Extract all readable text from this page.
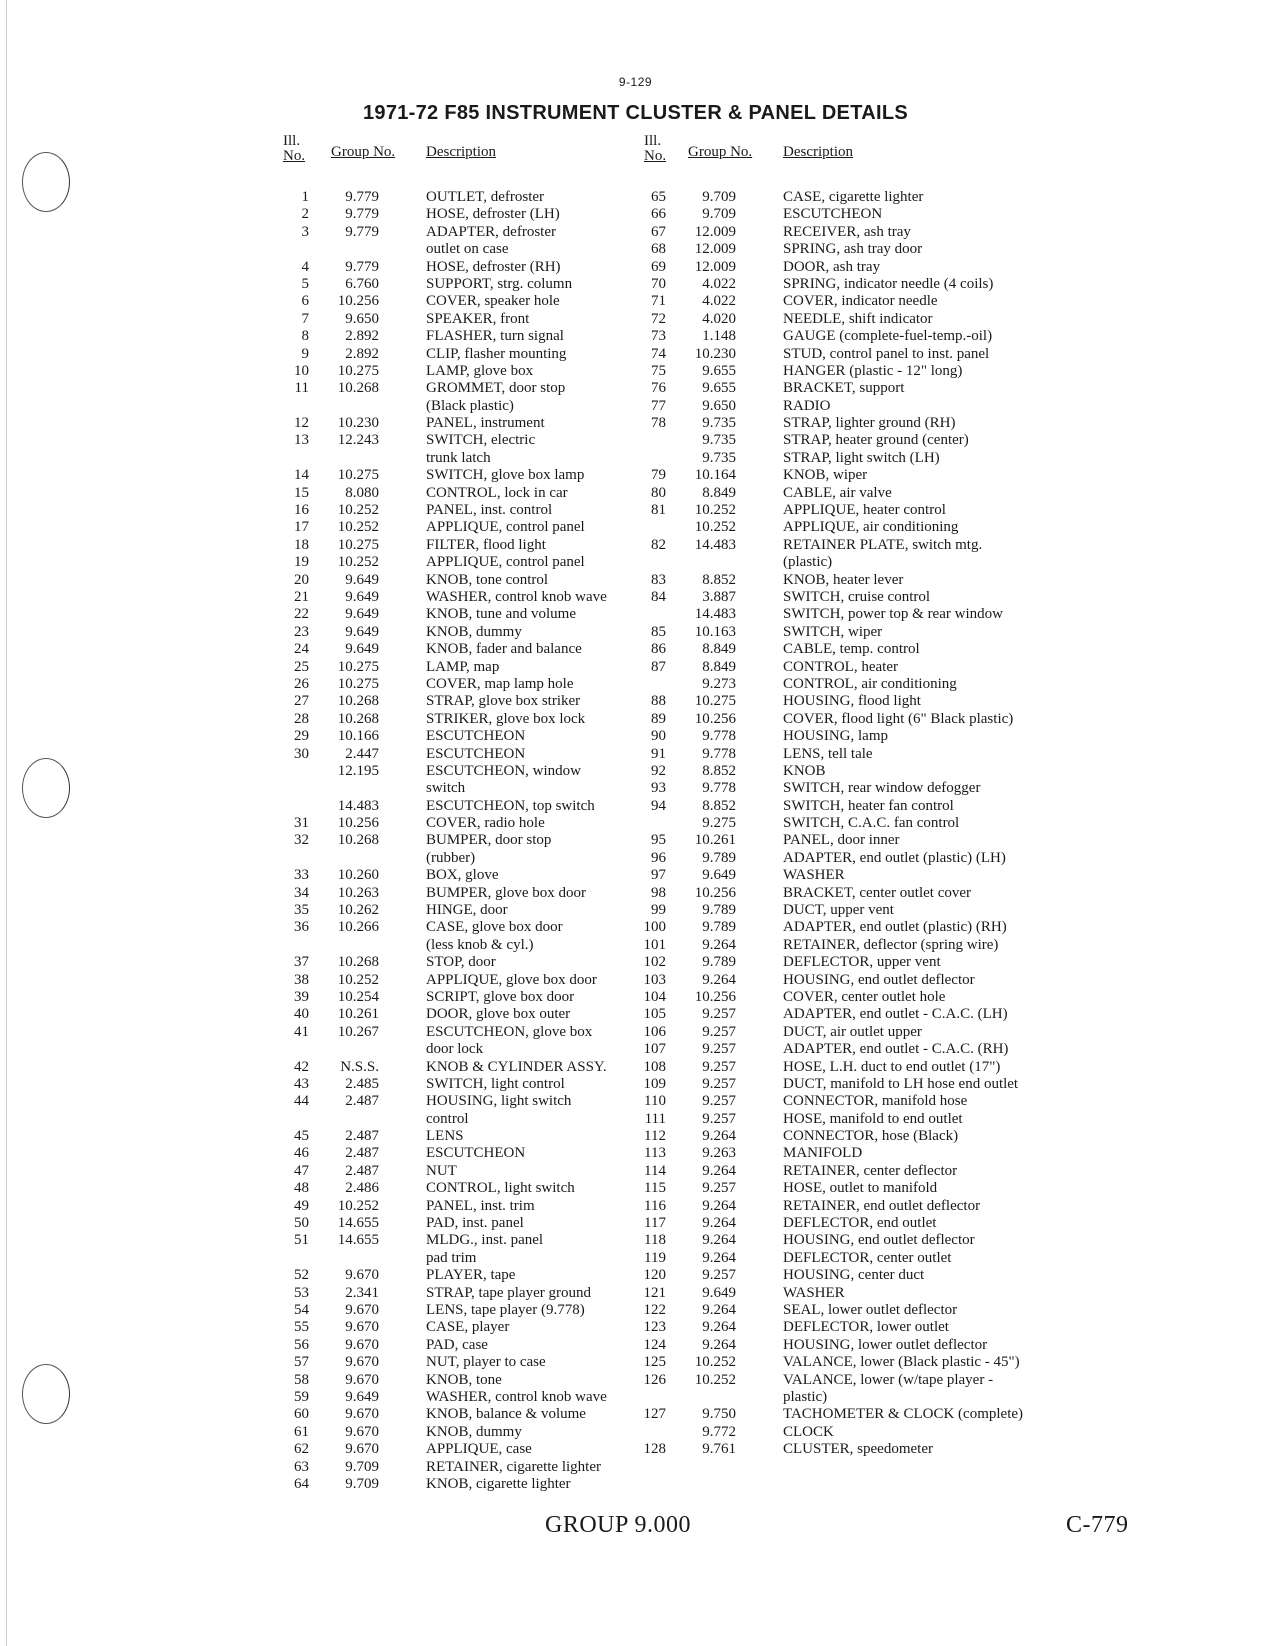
9-129
1971-72 F85 INSTRUMENT CLUSTER & PANEL DETAILS
Ill.
No. Group No. Description
1	9.779	OUTLET, defroster
2	9.779	HOSE, defroster (LH)
3	9.779	ADAPTER, defroster
outlet on case
4	9.779	HOSE, defroster (RH)
5	6.760	SUPPORT, strg. column
6	10.256	COVER, speaker hole
7	9.650	SPEAKER, front
8	2.892	FLASHER, turn signal
9	2.892	CLIP, flasher mounting
10	10.275	LAMP, glove box
11	10.268	GROMMET, door stop
(Black plastic)
12	10.230	PANEL, instrument
13	12.243	SWITCH, electric
trunk latch
14	10.275	SWITCH, glove box lamp
15	8.080	CONTROL, lock in car
16	10.252	PANEL, inst. control
17	10.252	APPLIQUE, control panel
18	10.275	FILTER, flood light
19	10.252	APPLIQUE, control panel
20	9.649	KNOB, tone control
21	9.649	WASHER, control knob wave
22	9.649	KNOB, tune and volume
23	9.649	KNOB, dummy
24	9.649	KNOB, fader and balance
25	10.275	LAMP, map
26	10.275	COVER, map lamp hole
27	10.268	STRAP, glove box striker
28	10.268	STRIKER, glove box lock
29	10.166	ESCUTCHEON
30	2.447	ESCUTCHEON
12.195	ESCUTCHEON, window
switch
14.483	ESCUTCHEON, top switch
31	10.256	COVER, radio hole
32	10.268	BUMPER, door stop
(rubber)
33	10.260	BOX, glove
34	10.263	BUMPER, glove box door
35	10.262	HINGE, door
36	10.266	CASE, glove box door
(less knob & cyl.)
37	10.268	STOP, door
38	10.252	APPLIQUE, glove box door
39	10.254	SCRIPT, glove box door
40	10.261	DOOR, glove box outer
41	10.267	ESCUTCHEON, glove box
door lock
42	N.S.S.	KNOB & CYLINDER ASSY.
43	2.485	SWITCH, light control
44	2.487	HOUSING, light switch
control
45	2.487	LENS
46	2.487	ESCUTCHEON
47	2.487	NUT
48	2.486	CONTROL, light switch
49	10.252	PANEL, inst. trim
50	14.655	PAD, inst. panel
51	14.655	MLDG., inst. panel
pad trim
52	9.670	PLAYER, tape
53	2.341	STRAP, tape player ground
54	9.670	LENS, tape player (9.778)
55	9.670	CASE, player
56	9.670	PAD, case
57	9.670	NUT, player to case
58	9.670	KNOB, tone
59	9.649	WASHER, control knob wave
60	9.670	KNOB, balance & volume
61	9.670	KNOB, dummy
62	9.670	APPLIQUE, case
63	9.709	RETAINER, cigarette lighter
64	9.709	KNOB, cigarette lighter
Ill.
No. Group No. Description
65	9.709	CASE, cigarette lighter
66	9.709	ESCUTCHEON
67	12.009	RECEIVER, ash tray
68	12.009	SPRING, ash tray door
69	12.009	DOOR, ash tray
70	4.022	SPRING, indicator needle (4 coils)
71	4.022	COVER, indicator needle
72	4.020	NEEDLE, shift indicator
73	1.148	GAUGE (complete-fuel-temp.-oil)
74	10.230	STUD, control panel to inst. panel
75	9.655	HANGER (plastic - 12" long)
76	9.655	BRACKET, support
77	9.650	RADIO
78	9.735	STRAP, lighter ground (RH)
9.735	STRAP, heater ground (center)
9.735	STRAP, light switch (LH)
79	10.164	KNOB, wiper
80	8.849	CABLE, air valve
81	10.252	APPLIQUE, heater control
10.252	APPLIQUE, air conditioning
82	14.483	RETAINER PLATE, switch mtg.
(plastic)
83	8.852	KNOB, heater lever
84	3.887	SWITCH, cruise control
14.483	SWITCH, power top & rear window
85	10.163	SWITCH, wiper
86	8.849	CABLE, temp. control
87	8.849	CONTROL, heater
9.273	CONTROL, air conditioning
88	10.275	HOUSING, flood light
89	10.256	COVER, flood light (6" Black plastic)
90	9.778	HOUSING, lamp
91	9.778	LENS, tell tale
92	8.852	KNOB
93	9.778	SWITCH, rear window defogger
94	8.852	SWITCH, heater fan control
9.275	SWITCH, C.A.C. fan control
95	10.261	PANEL, door inner
96	9.789	ADAPTER, end outlet (plastic) (LH)
97	9.649	WASHER
98	10.256	BRACKET, center outlet cover
99	9.789	DUCT, upper vent
100	9.789	ADAPTER, end outlet (plastic) (RH)
101	9.264	RETAINER, deflector (spring wire)
102	9.789	DEFLECTOR, upper vent
103	9.264	HOUSING, end outlet deflector
104	10.256	COVER, center outlet hole
105	9.257	ADAPTER, end outlet - C.A.C. (LH)
106	9.257	DUCT, air outlet upper
107	9.257	ADAPTER, end outlet - C.A.C. (RH)
108	9.257	HOSE, L.H. duct to end outlet (17")
109	9.257	DUCT, manifold to LH hose end outlet
110	9.257	CONNECTOR, manifold hose
111	9.257	HOSE, manifold to end outlet
112	9.264	CONNECTOR, hose (Black)
113	9.263	MANIFOLD
114	9.264	RETAINER, center deflector
115	9.257	HOSE, outlet to manifold
116	9.264	RETAINER, end outlet deflector
117	9.264	DEFLECTOR, end outlet
118	9.264	HOUSING, end outlet deflector
119	9.264	DEFLECTOR, center outlet
120	9.257	HOUSING, center duct
121	9.649	WASHER
122	9.264	SEAL, lower outlet deflector
123	9.264	DEFLECTOR, lower outlet
124	9.264	HOUSING, lower outlet deflector
125	10.252	VALANCE, lower (Black plastic - 45")
126	10.252	VALANCE, lower (w/tape player -
plastic)
127	9.750	TACHOMETER & CLOCK (complete)
9.772	CLOCK
128	9.761	CLUSTER, speedometer
GROUP 9.000	C-779
